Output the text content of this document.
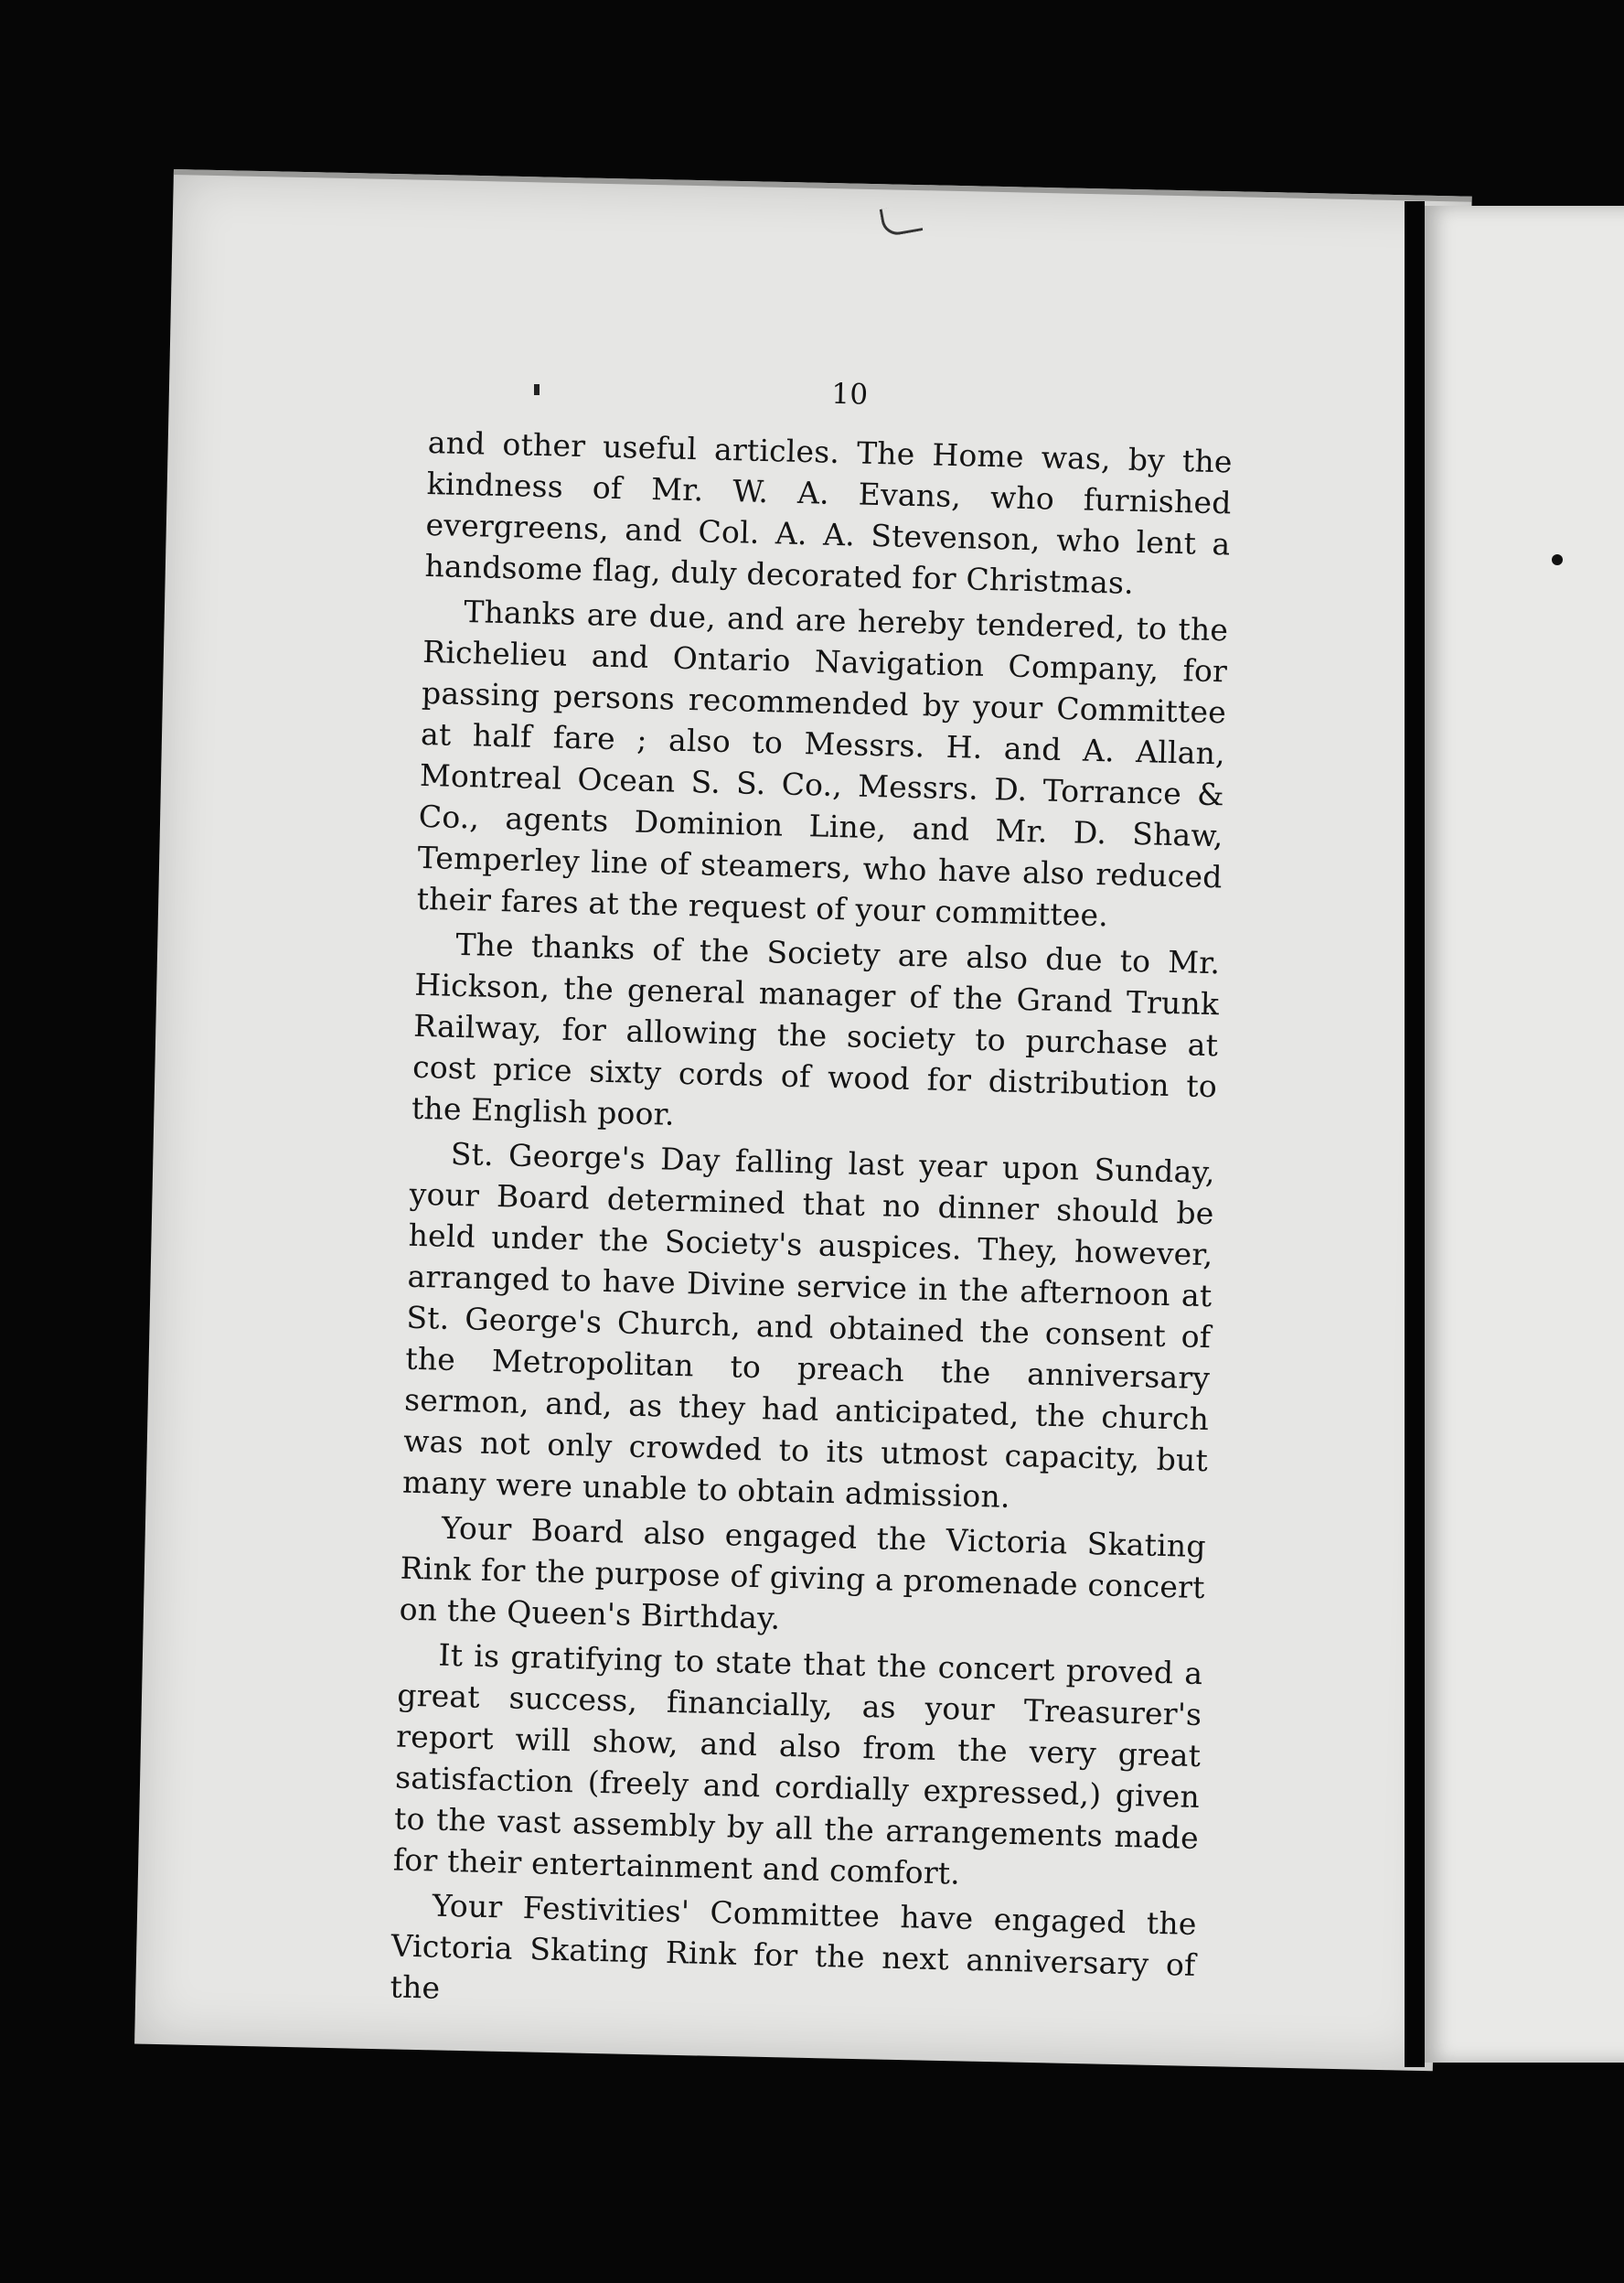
10

and other useful articles. The Home was, by the kindness of Mr. W. A. Evans, who furnished evergreens, and Col. A. A. Stevenson, who lent a handsome flag, duly decorated for Christmas.

Thanks are due, and are hereby tendered, to the Richelieu and Ontario Navigation Company, for passing persons recommended by your Committee at half fare ; also to Messrs. H. and A. Allan, Montreal Ocean S. S. Co., Messrs. D. Torrance & Co., agents Dominion Line, and Mr. D. Shaw, Temperley line of steamers, who have also reduced their fares at the request of your committee.

The thanks of the Society are also due to Mr. Hickson, the general manager of the Grand Trunk Railway, for allowing the society to purchase at cost price sixty cords of wood for distribution to the English poor.

St. George's Day falling last year upon Sunday, your Board determined that no dinner should be held under the Society's auspices. They, however, arranged to have Divine service in the afternoon at St. George's Church, and obtained the consent of the Metropolitan to preach the anniversary sermon, and, as they had anticipated, the church was not only crowded to its utmost capacity, but many were unable to obtain admission.

Your Board also engaged the Victoria Skating Rink for the purpose of giving a promenade concert on the Queen's Birthday.

It is gratifying to state that the concert proved a great success, financially, as your Treasurer's report will show, and also from the very great satisfaction (freely and cordially expressed,) given to the vast assembly by all the arrangements made for their entertainment and comfort.

Your Festivities' Committee have engaged the Victoria Skating Rink for the next anniversary of the
